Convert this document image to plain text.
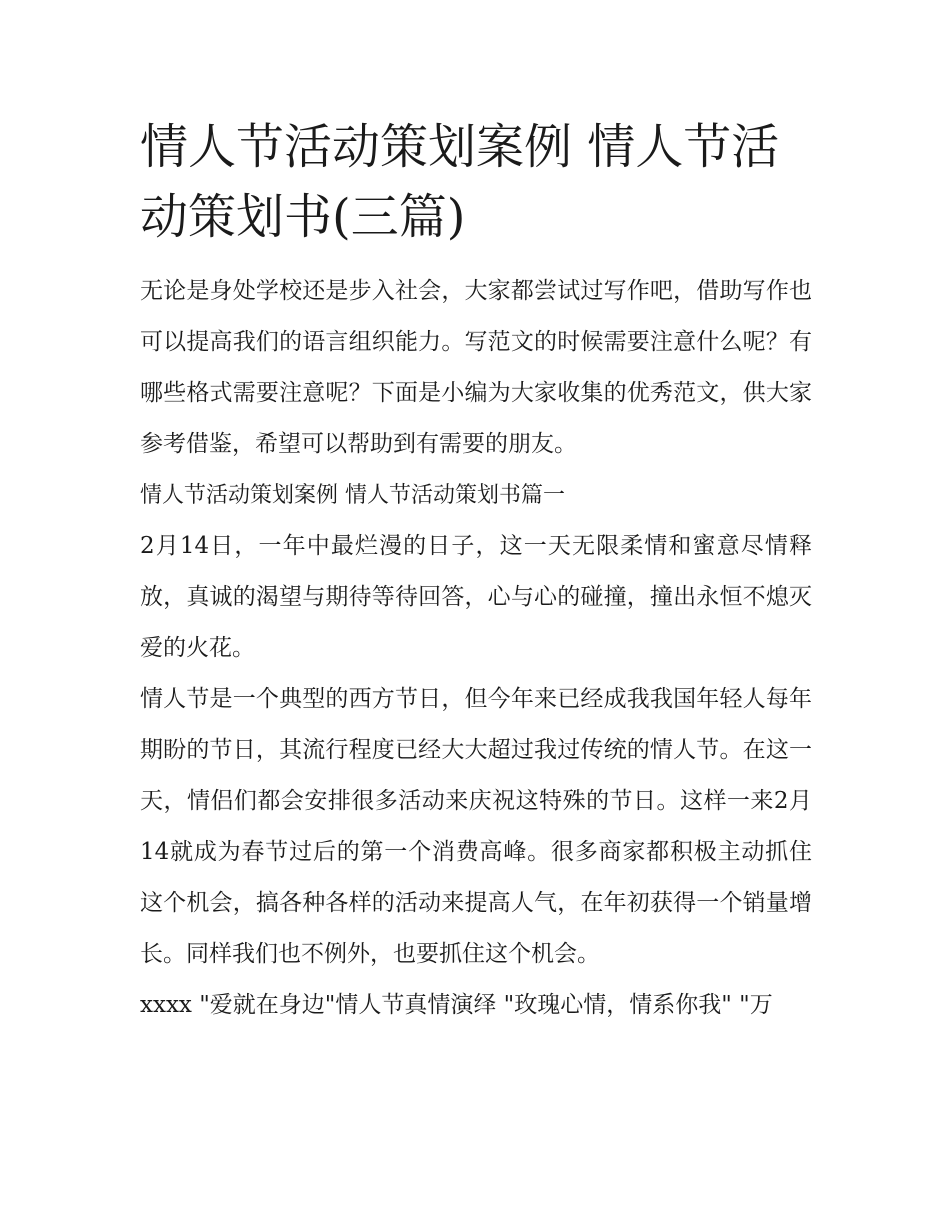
情人节活动策划案例 情人节活动策划书(三篇)

无论是身处学校还是步入社会，大家都尝试过写作吧，借助写作也可以提高我们的语言组织能力。写范文的时候需要注意什么呢？有哪些格式需要注意呢？下面是小编为大家收集的优秀范文，供大家参考借鉴，希望可以帮助到有需要的朋友。

情人节活动策划案例 情人节活动策划书篇一

2月14日，一年中最烂漫的日子，这一天无限柔情和蜜意尽情释放，真诚的渴望与期待等待回答，心与心的碰撞，撞出永恒不熄灭爱的火花。

情人节是一个典型的西方节日，但今年来已经成我我国年轻人每年期盼的节日，其流行程度已经大大超过我过传统的情人节。在这一天，情侣们都会安排很多活动来庆祝这特殊的节日。这样一来2月14就成为春节过后的第一个消费高峰。很多商家都积极主动抓住这个机会，搞各种各样的活动来提高人气，在年初获得一个销量增长。同样我们也不例外，也要抓住这个机会。

xxxx "爱就在身边"情人节真情演绎 "玫瑰心情，情系你我" "万
